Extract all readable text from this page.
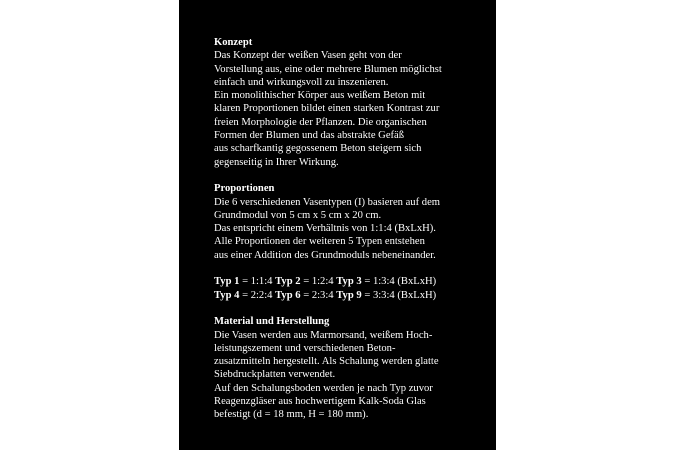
Konzept
Das Konzept der weißen Vasen geht von der
Vorstellung aus, eine oder mehrere Blumen möglichst
einfach und wirkungsvoll zu inszenieren.
Ein monolithischer Körper aus weißem Beton mit
klaren Proportionen bildet einen starken Kontrast zur
freien Morphologie der Pflanzen. Die organischen
Formen der Blumen und das abstrakte Gefäß
aus scharfkantig gegossenem Beton steigern sich
gegenseitig in Ihrer Wirkung.
Proportionen
Die 6 verschiedenen Vasentypen (I) basieren auf dem
Grundmodul von 5 cm x 5 cm x 20 cm.
Das entspricht einem Verhältnis von 1:1:4 (BxLxH).
Alle Proportionen der weiteren 5 Typen entstehen
aus einer Addition des Grundmoduls nebeneinander.
Typ 1 = 1:1:4 Typ 2 = 1:2:4 Typ 3 = 1:3:4 (BxLxH)
Typ 4 = 2:2:4 Typ 6 = 2:3:4 Typ 9 = 3:3:4 (BxLxH)
Material und Herstellung
Die Vasen werden aus Marmorsand, weißem Hoch-
leistungszement und verschiedenen Beton-
zusatzmitteln hergestellt. Als Schalung werden glatte
Siebdruckplatten verwendet.
Auf den Schalungsboden werden je nach Typ zuvor
Reagenzgläser aus hochwertigem Kalk-Soda Glas
befestigt (d = 18 mm, H = 180 mm).
